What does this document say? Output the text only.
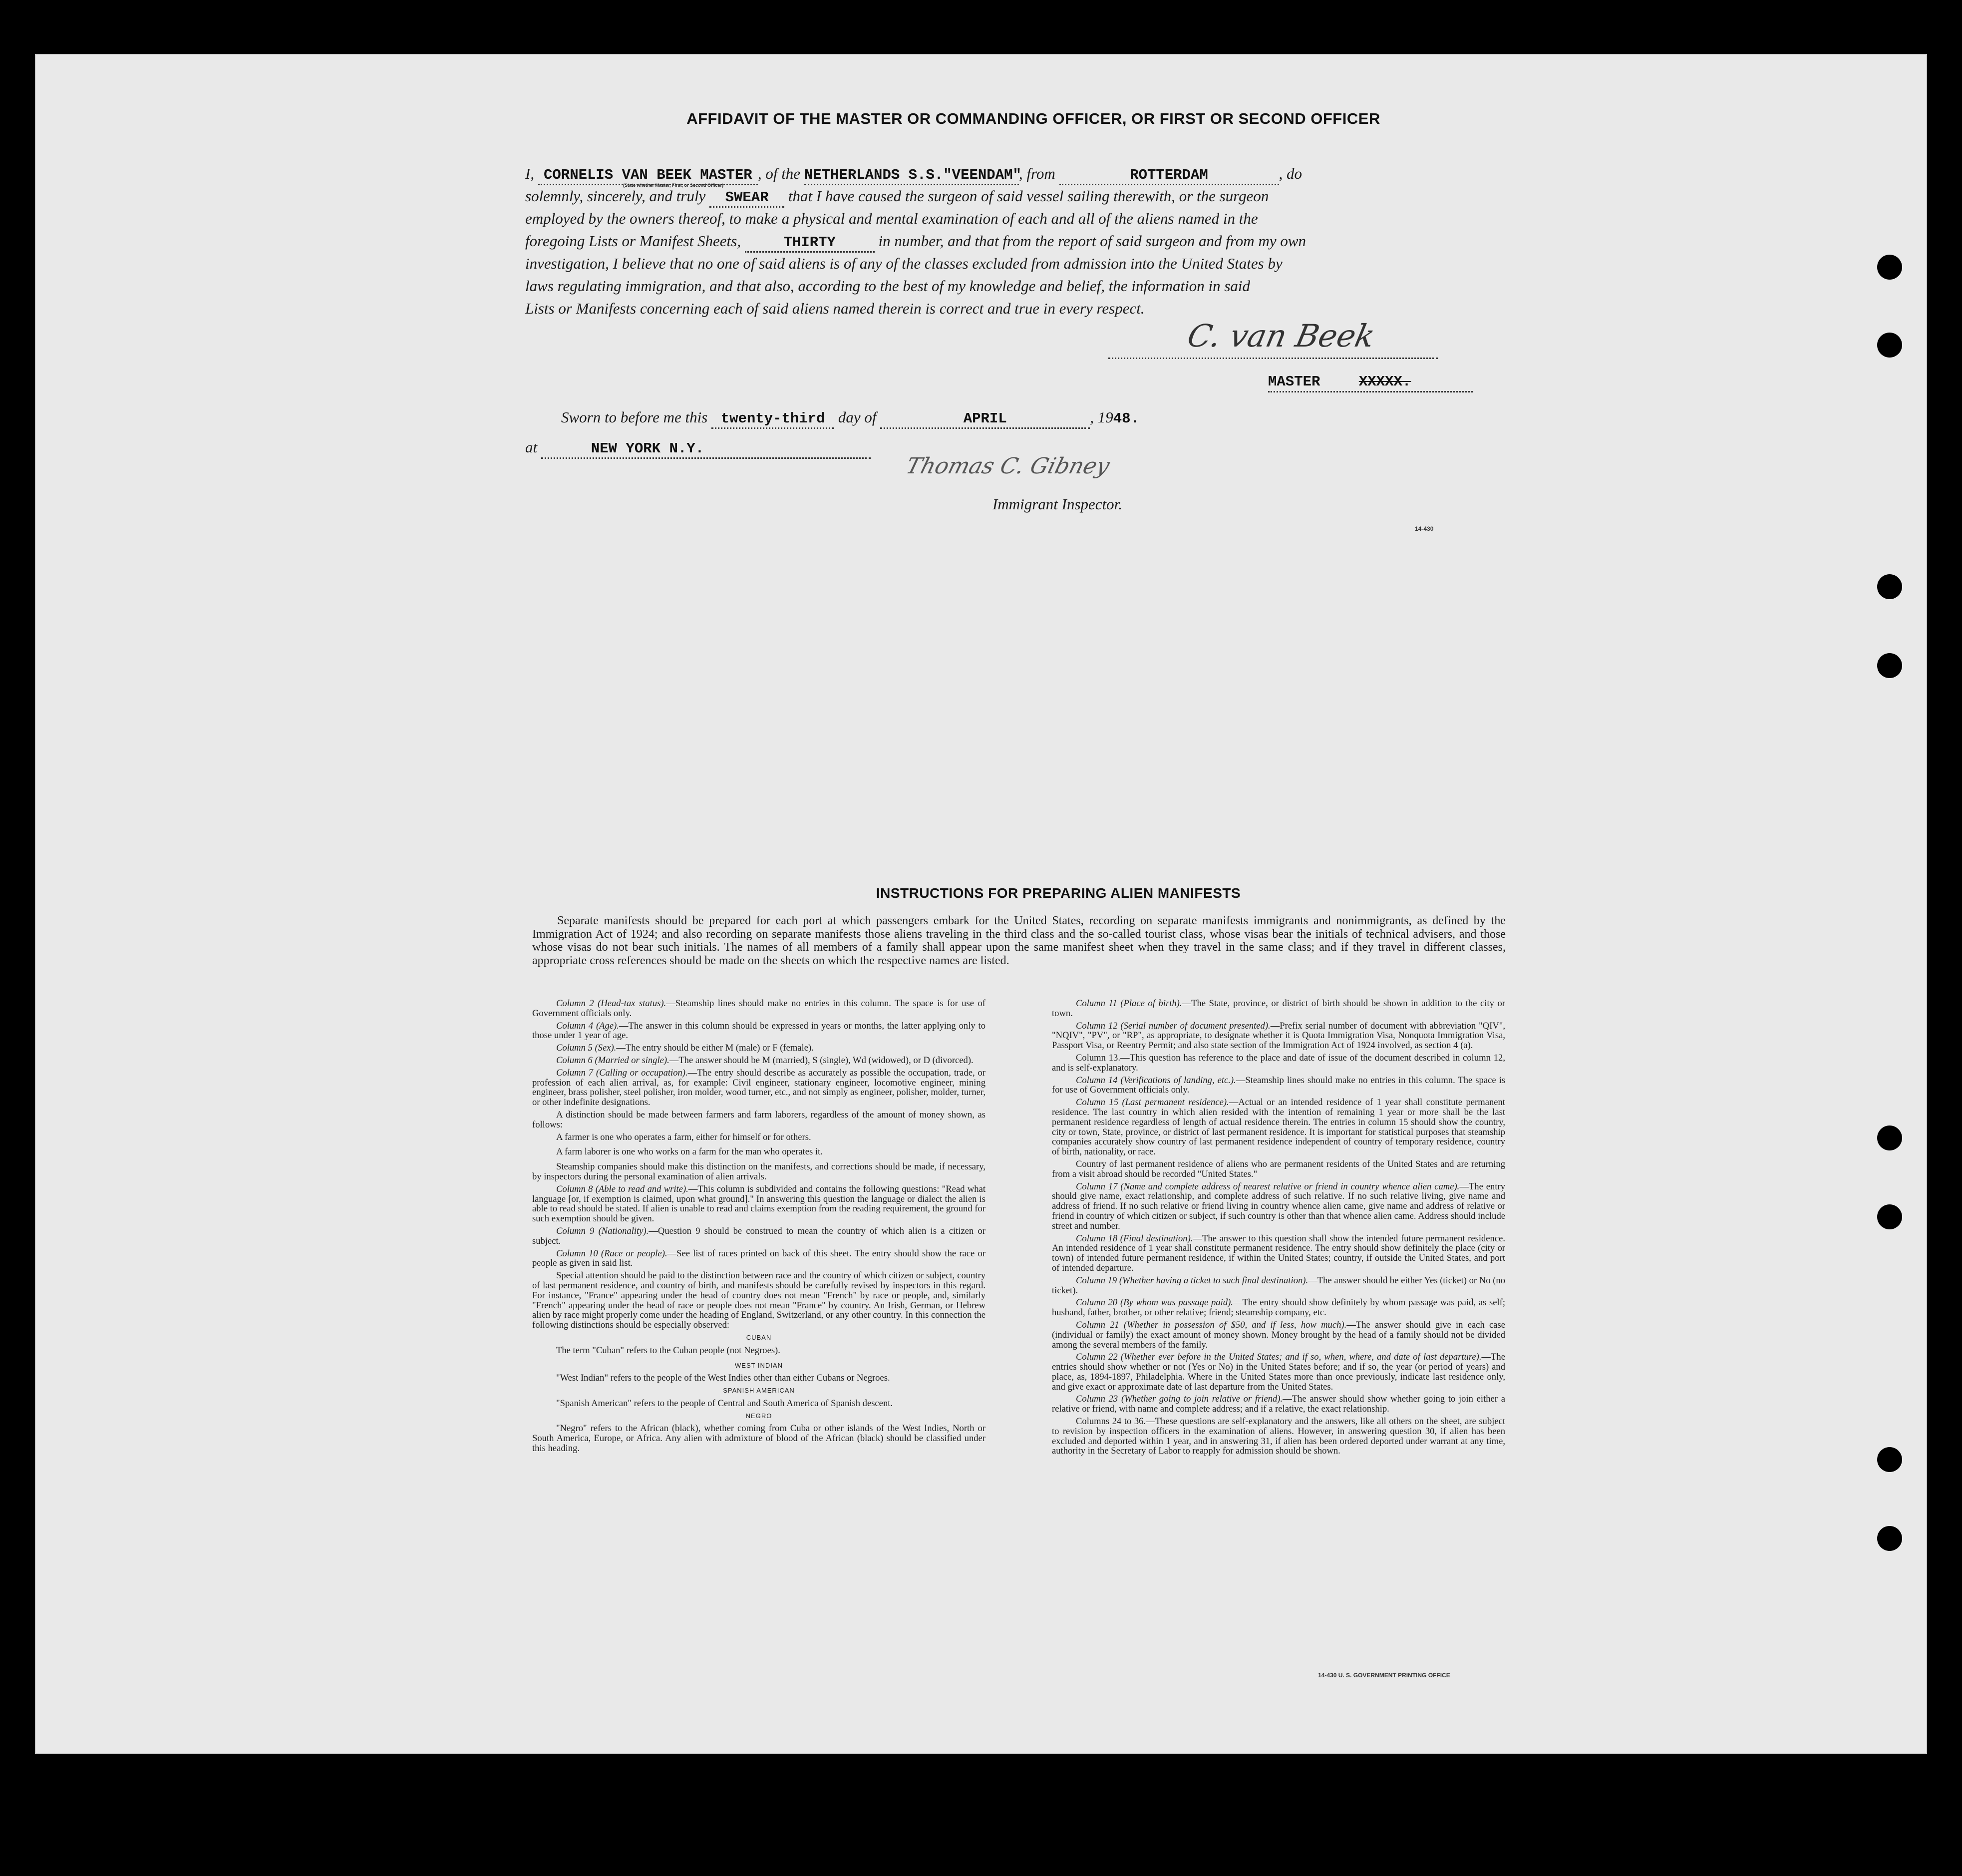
AFFIDAVIT OF THE MASTER OR COMMANDING OFFICER, OR FIRST OR SECOND OFFICER
I, CORNELIS VAN BEEK MASTER , of the NETHERLANDS S.S."VEENDAM", from	ROTTERDAM	, do
(State whether Master, First, or Second Officer)
solemnly, sincerely, and truly SWEAR that I have caused the surgeon of said vessel sailing therewith, or the surgeon
employed by the owners thereof, to make a physical and mental examination of each and all of the aliens named in the
foregoing Lists or Manifest Sheets,	THIRTY	in number, and that from the report of said surgeon and from my own
investigation, I believe that no one of said aliens is of any of the classes excluded from admission into the United States by
laws regulating immigration, and that also, according to the best of my knowledge and belief, the information in said
Lists or Manifests concerning each of said aliens named therein is correct and true in every respect.
C. van Beek
MASTER	XXXXX.
Sworn to before me this twenty-third day of	APRIL	, 1948.
at	NEW YORK N.Y.
Thomas C. Gibney
Immigrant Inspector.
14-430
INSTRUCTIONS FOR PREPARING ALIEN MANIFESTS
Separate manifests should be prepared for each port at which passengers embark for the United States, recording on separate manifests immigrants and nonimmigrants, as defined by the Immigration Act of 1924; and also recording on separate manifests those aliens traveling in the third class and the so-called tourist class, whose visas bear the initials of technical advisers, and those whose visas do not bear such initials. The names of all members of a family shall appear upon the same manifest sheet when they travel in the same class; and if they travel in different classes, appropriate cross references should be made on the sheets on which the respective names are listed.

Column 2 (Head-tax status).—Steamship lines should make no entries in this column. The space is for use of Government officials only.

Column 4 (Age).—The answer in this column should be expressed in years or months, the latter applying only to those under 1 year of age.

Column 5 (Sex).—The entry should be either M (male) or F (female).

Column 6 (Married or single).—The answer should be M (married), S (single), Wd (widowed), or D (divorced).

Column 7 (Calling or occupation).—The entry should describe as accurately as possible the occupation, trade, or profession of each alien arrival, as, for example: Civil engineer, stationary engineer, locomotive engineer, mining engineer, brass polisher, steel polisher, iron molder, wood turner, etc., and not simply as engineer, polisher, molder, turner, or other indefinite designations.

A distinction should be made between farmers and farm laborers, regardless of the amount of money shown, as follows:

A farmer is one who operates a farm, either for himself or for others.

A farm laborer is one who works on a farm for the man who operates it.

Steamship companies should make this distinction on the manifests, and corrections should be made, if necessary, by inspectors during the personal examination of alien arrivals.

Column 8 (Able to read and write).—This column is subdivided and contains the following questions: "Read what language [or, if exemption is claimed, upon what ground]." In answering this question the language or dialect the alien is able to read should be stated. If alien is unable to read and claims exemption from the reading requirement, the ground for such exemption should be given.

Column 9 (Nationality).—Question 9 should be construed to mean the country of which alien is a citizen or subject.

Column 10 (Race or people).—See list of races printed on back of this sheet. The entry should show the race or people as given in said list.

Special attention should be paid to the distinction between race and the country of which citizen or subject, country of last permanent residence, and country of birth, and manifests should be carefully revised by inspectors in this regard. For instance, "France" appearing under the head of country does not mean "French" by race or people, and, similarly "French" appearing under the head of race or people does not mean "France" by country. An Irish, German, or Hebrew alien by race might properly come under the heading of England, Switzerland, or any other country. In this connection the following distinctions should be especially observed:

CUBAN

The term "Cuban" refers to the Cuban people (not Negroes).

WEST INDIAN

"West Indian" refers to the people of the West Indies other than either Cubans or Negroes.

SPANISH AMERICAN

"Spanish American" refers to the people of Central and South America of Spanish descent.

NEGRO

"Negro" refers to the African (black), whether coming from Cuba or other islands of the West Indies, North or South America, Europe, or Africa. Any alien with admixture of blood of the African (black) should be classified under this heading.

Column 11 (Place of birth).—The State, province, or district of birth should be shown in addition to the city or town.

Column 12 (Serial number of document presented).—Prefix serial number of document with abbreviation "QIV", "NQIV", "PV", or "RP", as appropriate, to designate whether it is Quota Immigration Visa, Nonquota Immigration Visa, Passport Visa, or Reentry Permit; and also state section of the Immigration Act of 1924 involved, as section 4 (a).

Column 13.—This question has reference to the place and date of issue of the document described in column 12, and is self-explanatory.

Column 14 (Verifications of landing, etc.).—Steamship lines should make no entries in this column. The space is for use of Government officials only.

Column 15 (Last permanent residence).—Actual or an intended residence of 1 year shall constitute permanent residence. The last country in which alien resided with the intention of remaining 1 year or more shall be the last permanent residence regardless of length of actual residence therein. The entries in column 15 should show the country, city or town, State, province, or district of last permanent residence. It is important for statistical purposes that steamship companies accurately show country of last permanent residence independent of country of temporary residence, country of birth, nationality, or race.

Country of last permanent residence of aliens who are permanent residents of the United States and are returning from a visit abroad should be recorded "United States."

Column 17 (Name and complete address of nearest relative or friend in country whence alien came).—The entry should give name, exact relationship, and complete address of such relative. If no such relative living, give name and address of friend. If no such relative or friend living in country whence alien came, give name and address of relative or friend in country of which citizen or subject, if such country is other than that whence alien came. Address should include street and number.

Column 18 (Final destination).—The answer to this question shall show the intended future permanent residence. An intended residence of 1 year shall constitute permanent residence. The entry should show definitely the place (city or town) of intended future permanent residence, if within the United States; country, if outside the United States, and port of intended departure.

Column 19 (Whether having a ticket to such final destination).—The answer should be either Yes (ticket) or No (no ticket).

Column 20 (By whom was passage paid).—The entry should show definitely by whom passage was paid, as self; husband, father, brother, or other relative; friend; steamship company, etc.

Column 21 (Whether in possession of $50, and if less, how much).—The answer should give in each case (individual or family) the exact amount of money shown. Money brought by the head of a family should not be divided among the several members of the family.

Column 22 (Whether ever before in the United States; and if so, when, where, and date of last departure).—The entries should show whether or not (Yes or No) in the United States before; and if so, the year (or period of years) and place, as, 1894-1897, Philadelphia. Where in the United States more than once previously, indicate last residence only, and give exact or approximate date of last departure from the United States.

Column 23 (Whether going to join relative or friend).—The answer should show whether going to join either a relative or friend, with name and complete address; and if a relative, the exact relationship.

Columns 24 to 36.—These questions are self-explanatory and the answers, like all others on the sheet, are subject to revision by inspection officers in the examination of aliens. However, in answering question 30, if alien has been excluded and deported within 1 year, and in answering 31, if alien has been ordered deported under warrant at any time, authority in the Secretary of Labor to reapply for admission should be shown.

14-430 U. S. GOVERNMENT PRINTING OFFICE
